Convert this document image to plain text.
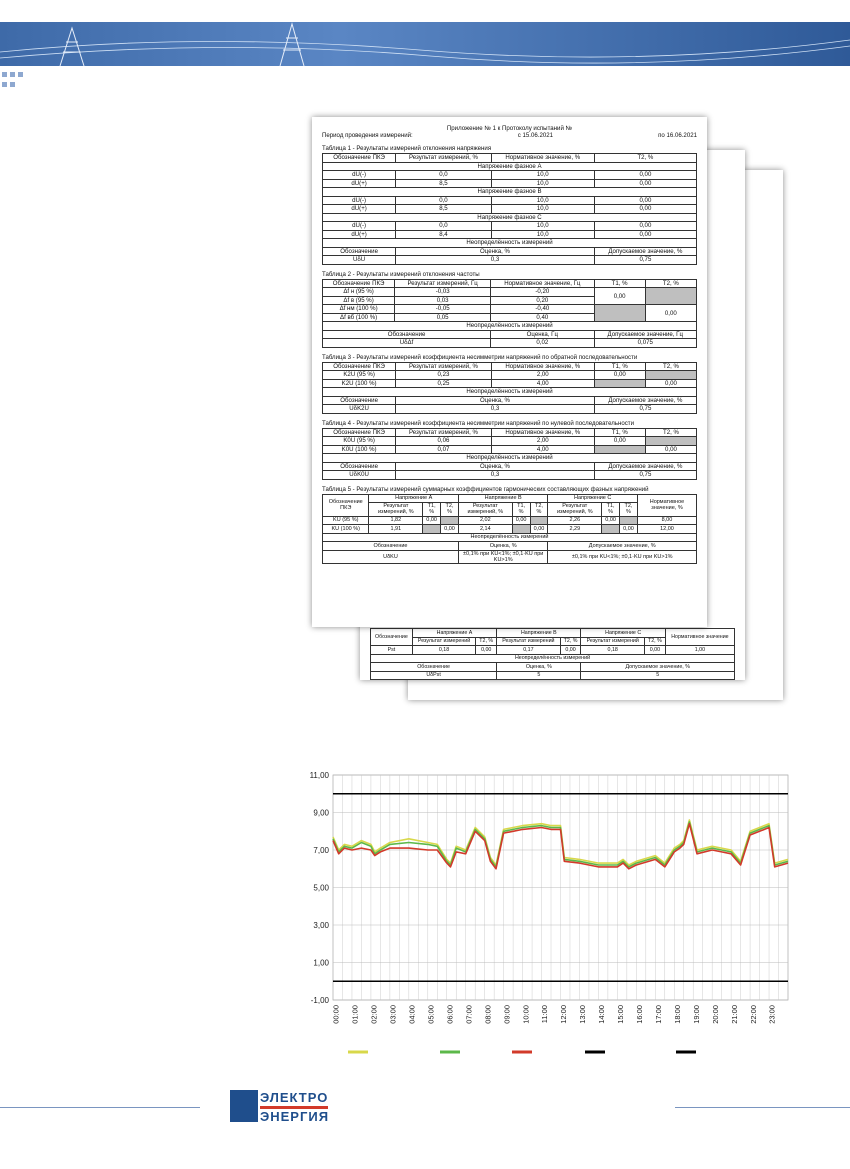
Обозначение	Напряжение A		Напряжение B		Напряжение C		Нормативное значение
	Результат измерений	T2, %	Результат измерений	T2, %	Результат измерений	T2, %	
Pst	0,18	0,00	0,17	0,00	0,18	0,00	1,00
Неопределённость измерений							
Обозначение			Оценка, %		Допускаемое значение, %		
UδPst			5		5		
Приложение № 1 к Протоколу испытаний №
Период проведения измерений:	с 15.06.2021	по 16.06.2021
Таблица 1 - Результаты измерений отклонения напряжения
Обозначение ПКЭ	Результат измерений, %	Нормативное значение, %	T2, %
Напряжение фазное A			
dU(-)	0,0	10,0	0,00
dU(+)	8,5	10,0	0,00
Напряжение фазное B			
dU(-)	0,0	10,0	0,00
dU(+)	8,5	10,0	0,00
Напряжение фазное C			
dU(-)	0,0	10,0	0,00
dU(+)	8,4	10,0	0,00
Неопределённость измерений			
Обозначение	Оценка, %		Допускаемое значение, %
UδU	0,3		0,75
Таблица 2 - Результаты измерений отклонения частоты
Обозначение ПКЭ	Результат измерений, Гц	Нормативное значение, Гц	T1, %	T2, %
Δf н (95 %)	-0,03	-0,20	0,00	
Δf в (95 %)	0,03	0,20		
Δf нм (100 %)	-0,05	-0,40		0,00
Δf вб (100 %)	0,05	0,40		
Неопределённость измерений				
Обозначение		Оценка, Гц	Допускаемое значение, Гц	
UδΔf		0,02	0,075	
Таблица 3 - Результаты измерений коэффициента несимметрии напряжений по обратной последовательности
Обозначение ПКЭ	Результат измерений, %	Нормативное значение, %	T1, %	T2, %
K2U (95 %)	0,23	2,00	0,00	
K2U (100 %)	0,25	4,00		0,00
Неопределённость измерений				
Обозначение	Оценка, %		Допускаемое значение, %	
UδK2U	0,3		0,75	
Таблица 4 - Результаты измерений коэффициента несимметрии напряжений по нулевой последовательности
Обозначение ПКЭ	Результат измерений, %	Нормативное значение, %	T1, %	T2, %
K0U (95 %)	0,06	2,00	0,00	
K0U (100 %)	0,07	4,00		0,00
Неопределённость измерений				
Обозначение	Оценка, %		Допускаемое значение, %	
UδK0U	0,3		0,75	
Таблица 5 - Результаты измерений суммарных коэффициентов гармонических составляющих фазных напряжений
Обозначение ПКЭ	Напряжение A			Напряжение B			Напряжение C			Нормативное значение, %
	Результат измерений, %	T1, %	T2, %	Результат измерений, %	T1, %	T2, %	Результат измерений, %	T1, %	T2, %	
KU (95 %)	1,82	0,00		2,02	0,00		2,26	0,00		8,00
KU (100 %)	1,91		0,00	2,14		0,00	2,29		0,00	12,00
Неопределённость измерений										
Обозначение				Оценка, %			Допускаемое значение, %			
UδKU				±0,1% при KU<1%; ±0,1·KU при KU>1%			±0,1% при KU<1%; ±0,1·KU при KU>1%			
11,00
9,00
7,00
5,00
3,00
1,00
-1,00
00:00 01:00 02:00 03:00 04:00 05:00 06:00 07:00 08:00 09:00 10:00 11:00 12:00 13:00 14:00 15:00 16:00 17:00 18:00 19:00 20:00 21:00 22:00 23:00
ЭЛЕКТРО
ЭНЕРГИЯ
